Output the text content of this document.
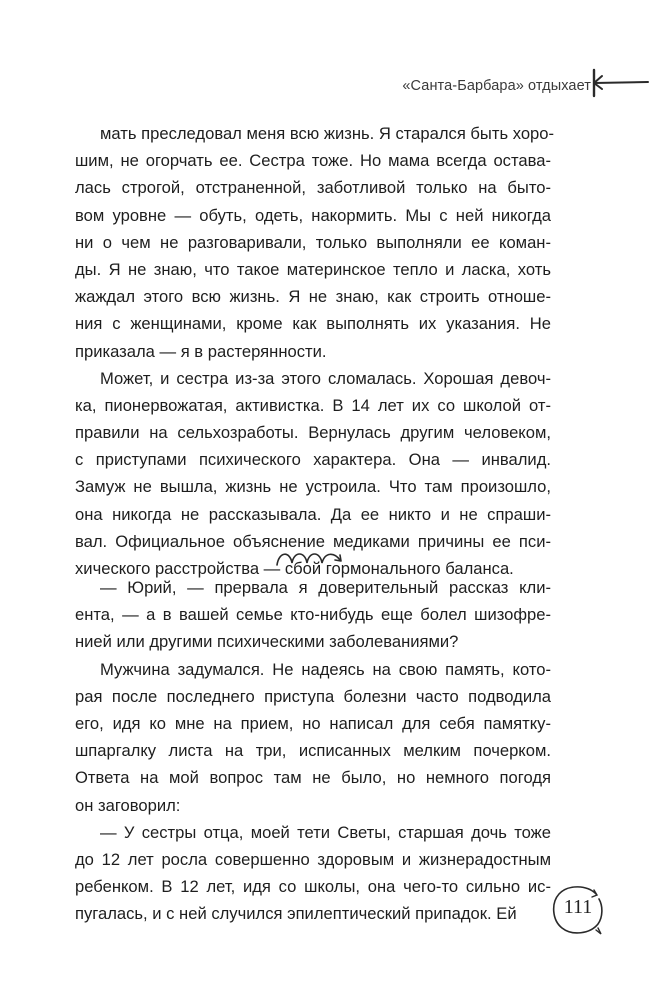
«Санта-Барбара» отдыхает
мать преследовал меня всю жизнь. Я старался быть хоро-
шим, не огорчать ее. Сестра тоже. Но мама всегда остава-
лась строгой, отстраненной, заботливой только на быто-
вом уровне — обуть, одеть, накормить. Мы с ней никогда
ни о чем не разговаривали, только выполняли ее коман-
ды. Я не знаю, что такое материнское тепло и ласка, хоть
жаждал этого всю жизнь. Я не знаю, как строить отноше-
ния с женщинами, кроме как выполнять их указания. Не
приказала — я в растерянности.
Может, и сестра из-за этого сломалась. Хорошая девоч-
ка, пионервожатая, активистка. В 14 лет их со школой от-
правили на сельхозработы. Вернулась другим человеком,
с приступами психического характера. Она — инвалид.
Замуж не вышла, жизнь не устроила. Что там произошло,
она никогда не рассказывала. Да ее никто и не спраши-
вал. Официальное объяснение медиками причины ее пси-
хического расстройства — сбой гормонального баланса.
— Юрий, — прервала я доверительный рассказ кли-
ента, — а в вашей семье кто-нибудь еще болел шизофре-
нией или другими психическими заболеваниями?
Мужчина задумался. Не надеясь на свою память, кото-
рая после последнего приступа болезни часто подводила
его, идя ко мне на прием, но написал для себя памятку-
шпаргалку листа на три, исписанных мелким почерком.
Ответа на мой вопрос там не было, но немного погодя
он заговорил:
— У сестры отца, моей тети Светы, старшая дочь тоже
до 12 лет росла совершенно здоровым и жизнерадостным
ребенком. В 12 лет, идя со школы, она чего-то сильно ис-
пугалась, и с ней случился эпилептический припадок. Ей	111
